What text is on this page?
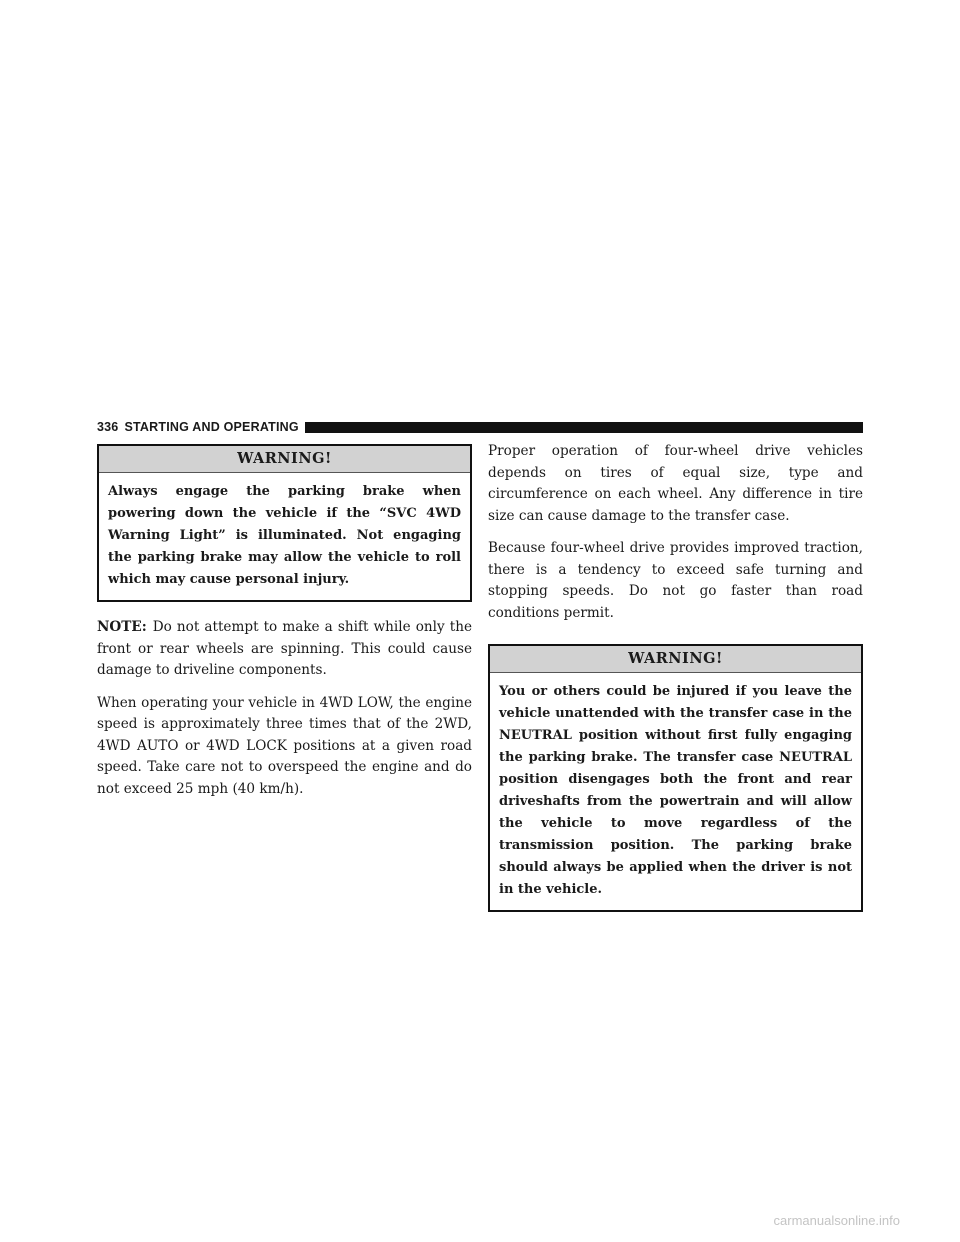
336 STARTING AND OPERATING
WARNING!
Always engage the parking brake when powering down the vehicle if the “SVC 4WD Warning Light” is illuminated. Not engaging the parking brake may allow the vehicle to roll which may cause personal injury.

NOTE: Do not attempt to make a shift while only the front or rear wheels are spinning. This could cause damage to driveline components.

When operating your vehicle in 4WD LOW, the engine speed is approximately three times that of the 2WD, 4WD AUTO or 4WD LOCK positions at a given road speed. Take care not to overspeed the engine and do not exceed 25 mph (40 km/h).

Proper operation of four-wheel drive vehicles depends on tires of equal size, type and circumference on each wheel. Any difference in tire size can cause damage to the transfer case.

Because four-wheel drive provides improved traction, there is a tendency to exceed safe turning and stopping speeds. Do not go faster than road conditions permit.

WARNING!
You or others could be injured if you leave the vehicle unattended with the transfer case in the NEUTRAL position without first fully engaging the parking brake. The transfer case NEUTRAL position disengages both the front and rear driveshafts from the powertrain and will allow the vehicle to move regardless of the transmission position. The parking brake should always be applied when the driver is not in the vehicle.
carmanualsonline.info
